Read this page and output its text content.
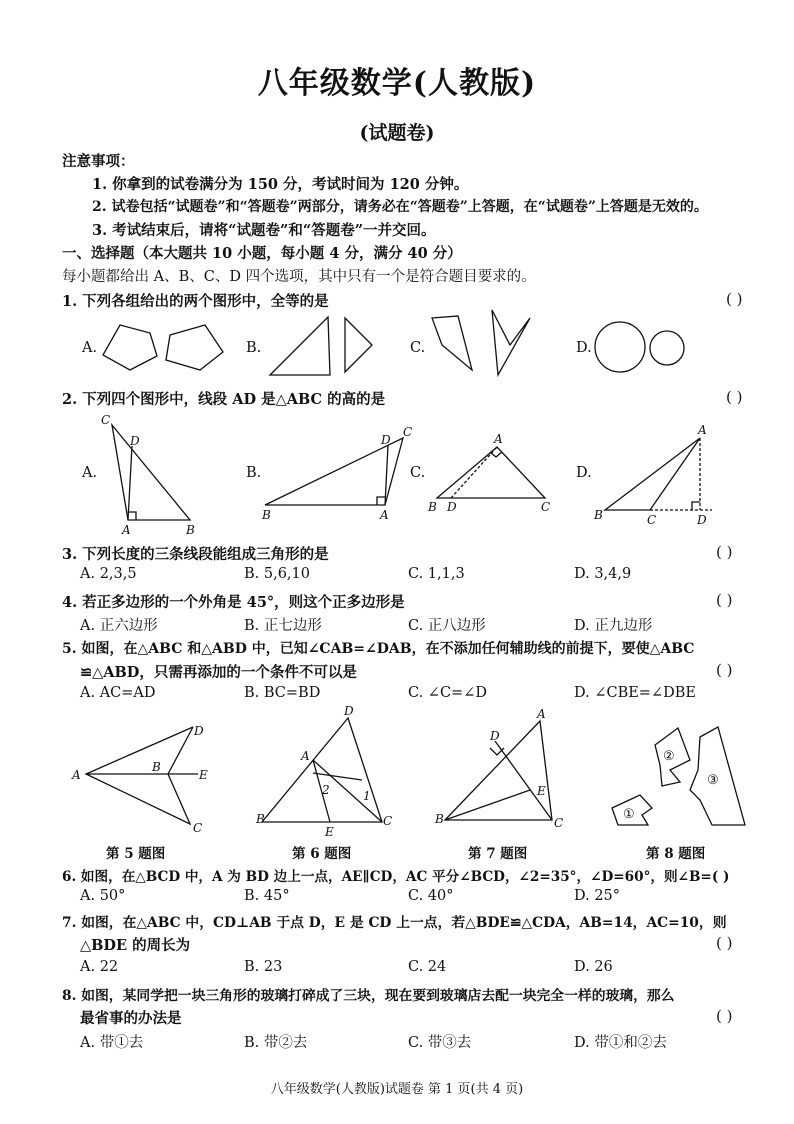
八年级数学(人教版)
(试题卷)
注意事项：
1. 你拿到的试卷满分为 150 分，考试时间为 120 分钟。
2. 试卷包括“试题卷”和“答题卷”两部分，请务必在“答题卷”上答题，在“试题卷”上答题是无效的。
3. 考试结束后，请将“试题卷”和“答题卷”一并交回。
一、选择题（本大题共 10 小题，每小题 4 分，满分 40 分）
每小题都给出 A、B、C、D 四个选项，其中只有一个是符合题目要求的。
1. 下列各组给出的两个图形中，全等的是	( )
A.	B.	C.	D.
2. 下列四个图形中，线段 AD 是△ABC 的高的是	( )
A.	B.	C.	D.
C
D
A	B
D
C
B	A
A
B D	C
A
B	C	D
3. 下列长度的三条线段能组成三角形的是	( )
A. 2,3,5	B. 5,6,10	C. 1,1,3	D. 3,4,9
4. 若正多边形的一个外角是 45°，则这个正多边形是	( )
A. 正六边形	B. 正七边形	C. 正八边形	D. 正九边形
5. 如图，在△ABC 和△ABD 中，已知∠CAB=∠DAB，在不添加任何辅助线的前提下，要使△ABC
≌△ABD，只需再添加的一个条件不可以是	( )
A. AC=AD	B. BC=BD	C. ∠C=∠D	D. ∠CBE=∠DBE
D
A
B
E
C
D
A
2	1
B
E
C
A
D
E
B	C
②
③
①
第 5 题图	第 6 题图	第 7 题图	第 8 题图
6. 如图，在△BCD 中，A 为 BD 边上一点，AE∥CD，AC 平分∠BCD，∠2=35°，∠D=60°，则∠B=( )
A. 50°	B. 45°	C. 40°	D. 25°
7. 如图，在△ABC 中，CD⊥AB 于点 D，E 是 CD 上一点，若△BDE≌△CDA，AB=14，AC=10，则
△BDE 的周长为	( )
A. 22	B. 23	C. 24	D. 26
8. 如图，某同学把一块三角形的玻璃打碎成了三块，现在要到玻璃店去配一块完全一样的玻璃，那么
最省事的办法是	( )
A. 带①去	B. 带②去	C. 带③去	D. 带①和②去
八年级数学(人教版)试题卷 第 1 页(共 4 页)
